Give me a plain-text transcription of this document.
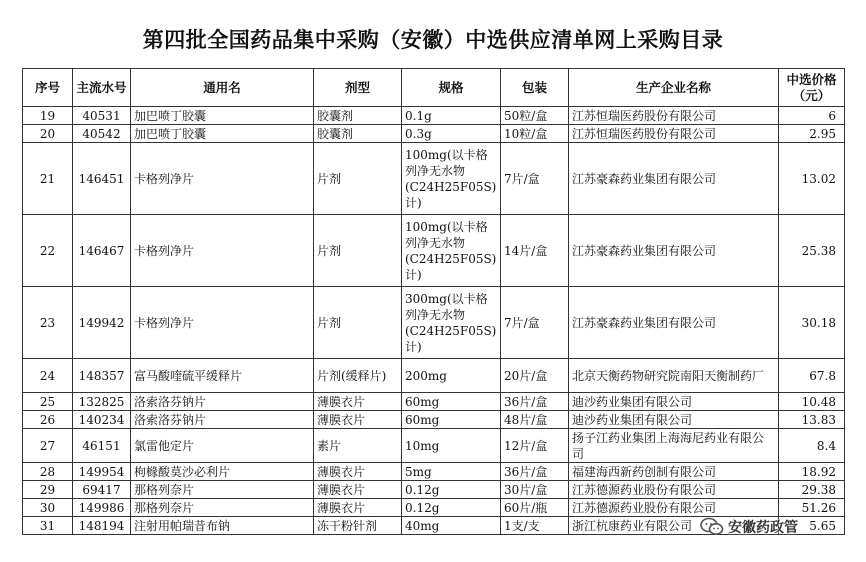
第四批全国药品集中采购（安徽）中选供应清单网上采购目录
序号	主流水号	通用名	剂型	规格	包装	生产企业名称	中选价格（元）
19	40531	加巴喷丁胶囊	胶囊剂	0.1g	50粒/盒	江苏恒瑞医药股份有限公司	6
20	40542	加巴喷丁胶囊	胶囊剂	0.3g	10粒/盒	江苏恒瑞医药股份有限公司	2.95
21	146451	卡格列净片	片剂	100mg(以卡格列净无水物(C24H25F05S)计)	7片/盒	江苏豪森药业集团有限公司	13.02
22	146467	卡格列净片	片剂	100mg(以卡格列净无水物(C24H25F05S)计)	14片/盒	江苏豪森药业集团有限公司	25.38
23	149942	卡格列净片	片剂	300mg(以卡格列净无水物(C24H25F05S)计)	7片/盒	江苏豪森药业集团有限公司	30.18
24	148357	富马酸喹硫平缓释片	片剂(缓释片)	200mg	20片/盒	北京天衡药物研究院南阳天衡制药厂	67.8
25	132825	洛索洛芬钠片	薄膜衣片	60mg	36片/盒	迪沙药业集团有限公司	10.48
26	140234	洛索洛芬钠片	薄膜衣片	60mg	48片/盒	迪沙药业集团有限公司	13.83
27	46151	氯雷他定片	素片	10mg	12片/盒	扬子江药业集团上海海尼药业有限公司	8.4
28	149954	枸橼酸莫沙必利片	薄膜衣片	5mg	36片/盒	福建海西新药创制有限公司	18.92
29	69417	那格列奈片	薄膜衣片	0.12g	30片/盒	江苏德源药业股份有限公司	29.38
30	149986	那格列奈片	薄膜衣片	0.12g	60片/瓶	江苏德源药业股份有限公司	51.26
31	148194	注射用帕瑞昔布钠	冻干粉针剂	40mg	1支/支	浙江杭康药业有限公司	5.65
安徽药政管
